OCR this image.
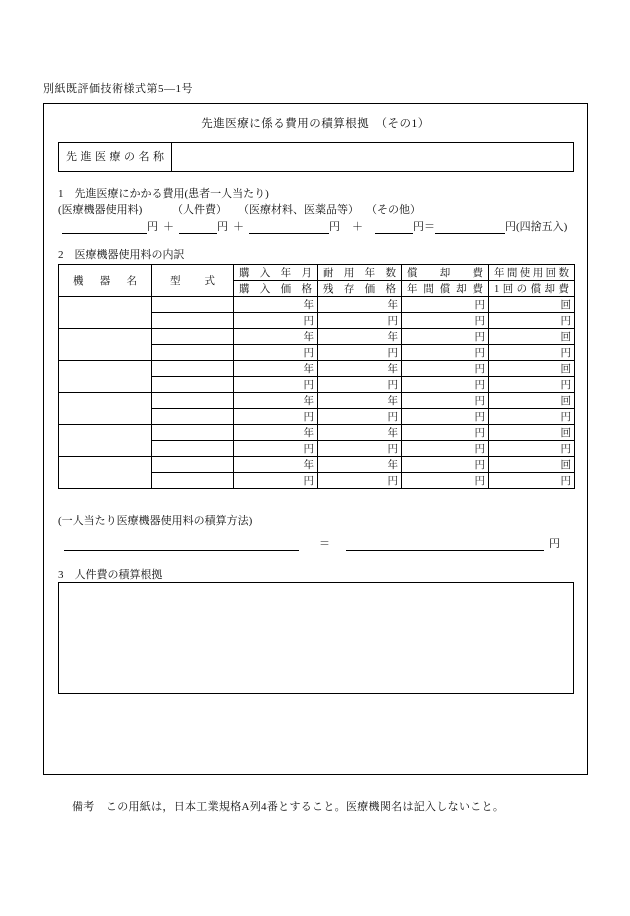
別紙既評価技術様式第5—1号
先進医療に係る費用の積算根拠　（その1）
先 進 医 療 の 名 称
1　先進医療にかかる費用(患者一人当たり)
(医療機器使用料)	（人件費） （医療材料、医薬品等） （その他）
円 ＋	円 ＋	円 ＋	円 ＝	円(四捨五入)
2　医療機器使用料の内訳
機 器 名	型 式	購 入 年 月	耐 用 年 数	償 却 費	年間使用回数
		購 入 価 格	残 存 価 格	年 間 償 却 費	1回の償却費
		年	年	円	回
		円	円	円	円
		年	年	円	回
		円	円	円	円
		年	年	円	回
		円	円	円	円
		年	年	円	回
		円	円	円	円
		年	年	円	回
		円	円	円	円
		年	年	円	回
		円	円	円	円
(一人当たり医療機器使用料の積算方法)
＝	円
3　人件費の積算根拠
備考　この用紙は，日本工業規格A列4番とすること。医療機関名は記入しないこと。
